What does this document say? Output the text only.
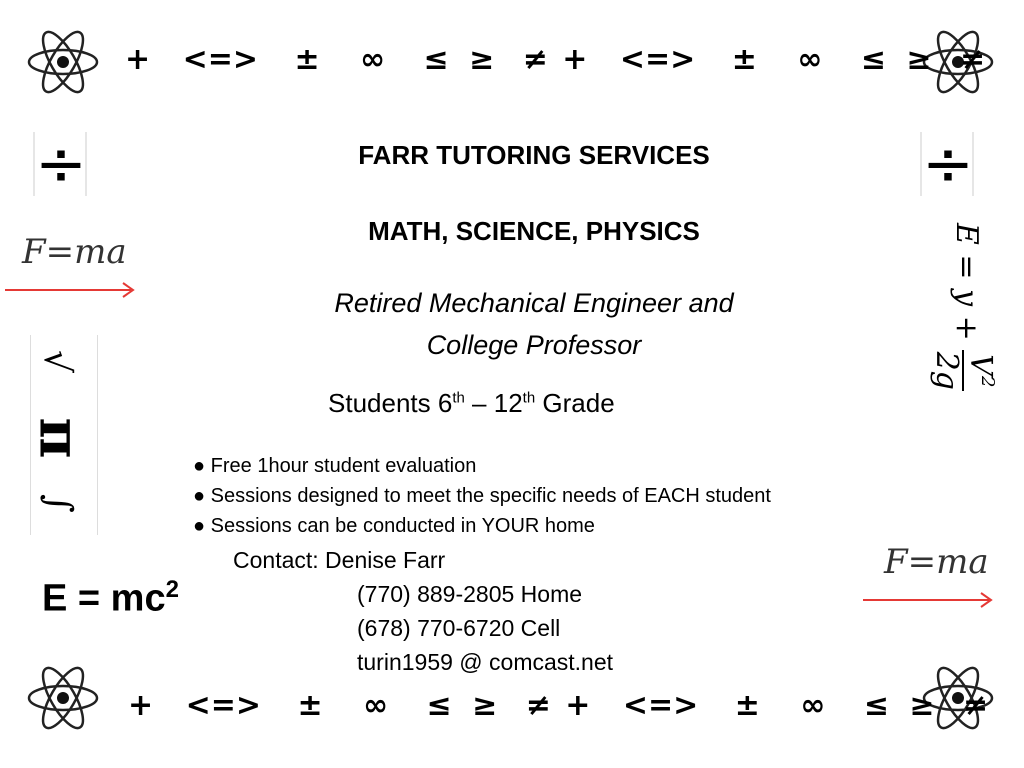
+ <=> ± ∞ ≤ ≥ ≠ + <=> ± ∞ ≤ ≥ ≠
+ <=> ± ∞ ≤ ≥ ≠ + <=> ± ∞ ≤ ≥ ≠
÷	÷
F=ma
F=ma
√
π
∫
E = y +
$V^2$
2g
FARR TUTORING SERVICES
MATH, SCIENCE, PHYSICS
Retired Mechanical Engineer and
College Professor
Students 6th – 12th Grade
● Free 1hour student evaluation
● Sessions designed to meet the specific needs of EACH student
● Sessions can be conducted in YOUR home
Contact: Denise Farr
(770) 889-2805 Home
(678) 770-6720 Cell
turin1959 @ comcast.net
$E = mc^2$
